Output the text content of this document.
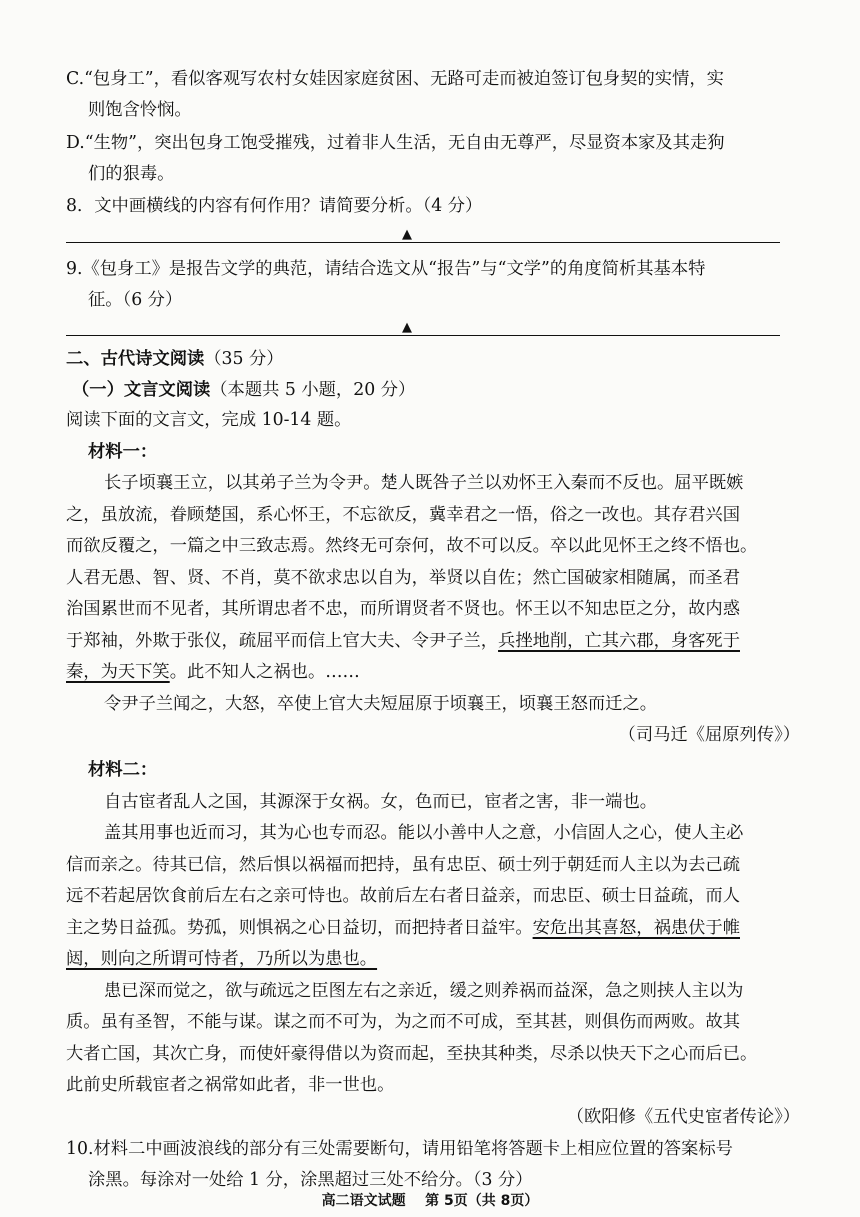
C.“包身工”，看似客观写农村女娃因家庭贫困、无路可走而被迫签订包身契的实情，实
则饱含怜悯。
D.“生物”，突出包身工饱受摧残，过着非人生活，无自由无尊严，尽显资本家及其走狗
们的狠毒。
8．文中画横线的内容有何作用？请简要分析。（4 分）
▲
9.《包身工》是报告文学的典范，请结合选文从“报告”与“文学”的角度简析其基本特
征。（6 分）
▲
二、古代诗文阅读（35 分）
（一）文言文阅读（本题共 5 小题，20 分）
阅读下面的文言文，完成 10-14 题。
材料一：
长子顷襄王立，以其弟子兰为令尹。楚人既咎子兰以劝怀王入秦而不反也。屈平既嫉
之，虽放流，眷顾楚国，系心怀王，不忘欲反，冀幸君之一悟，俗之一改也。其存君兴国
而欲反覆之，一篇之中三致志焉。然终无可奈何，故不可以反。卒以此见怀王之终不悟也。
人君无愚、智、贤、不肖，莫不欲求忠以自为，举贤以自佐；然亡国破家相随属，而圣君
治国累世而不见者，其所谓忠者不忠，而所谓贤者不贤也。怀王以不知忠臣之分，故内惑
于郑袖，外欺于张仪，疏屈平而信上官大夫、令尹子兰，兵挫地削，亡其六郡，身客死于
秦，为天下笑。此不知人之祸也。……
令尹子兰闻之，大怒，卒使上官大夫短屈原于顷襄王，顷襄王怒而迁之。
（司马迁《屈原列传》）
材料二：
自古宦者乱人之国，其源深于女祸。女，色而已，宦者之害，非一端也。
盖其用事也近而习，其为心也专而忍。能以小善中人之意，小信固人之心，使人主必
信而亲之。待其已信，然后惧以祸福而把持，虽有忠臣、硕士列于朝廷而人主以为去己疏
远不若起居饮食前后左右之亲可恃也。故前后左右者日益亲，而忠臣、硕士日益疏，而人
主之势日益孤。势孤，则惧祸之心日益切，而把持者日益牢。安危出其喜怒，祸患伏于帷
闼，则向之所谓可恃者，乃所以为患也。
患已深而觉之，欲与疏远之臣图左右之亲近，缓之则养祸而益深，急之则挟人主以为
质。虽有圣智，不能与谋。谋之而不可为，为之而不可成，至其甚，则俱伤而两败。故其
大者亡国，其次亡身，而使奸豪得借以为资而起，至抉其种类，尽杀以快天下之心而后已。
此前史所载宦者之祸常如此者，非一世也。
（欧阳修《五代史宦者传论》）
10.材料二中画波浪线的部分有三处需要断句，请用铅笔将答题卡上相应位置的答案标号
涂黑。每涂对一处给 1 分，涂黑超过三处不给分。（3 分）
高二语文试题 第 5页（共 8页）
